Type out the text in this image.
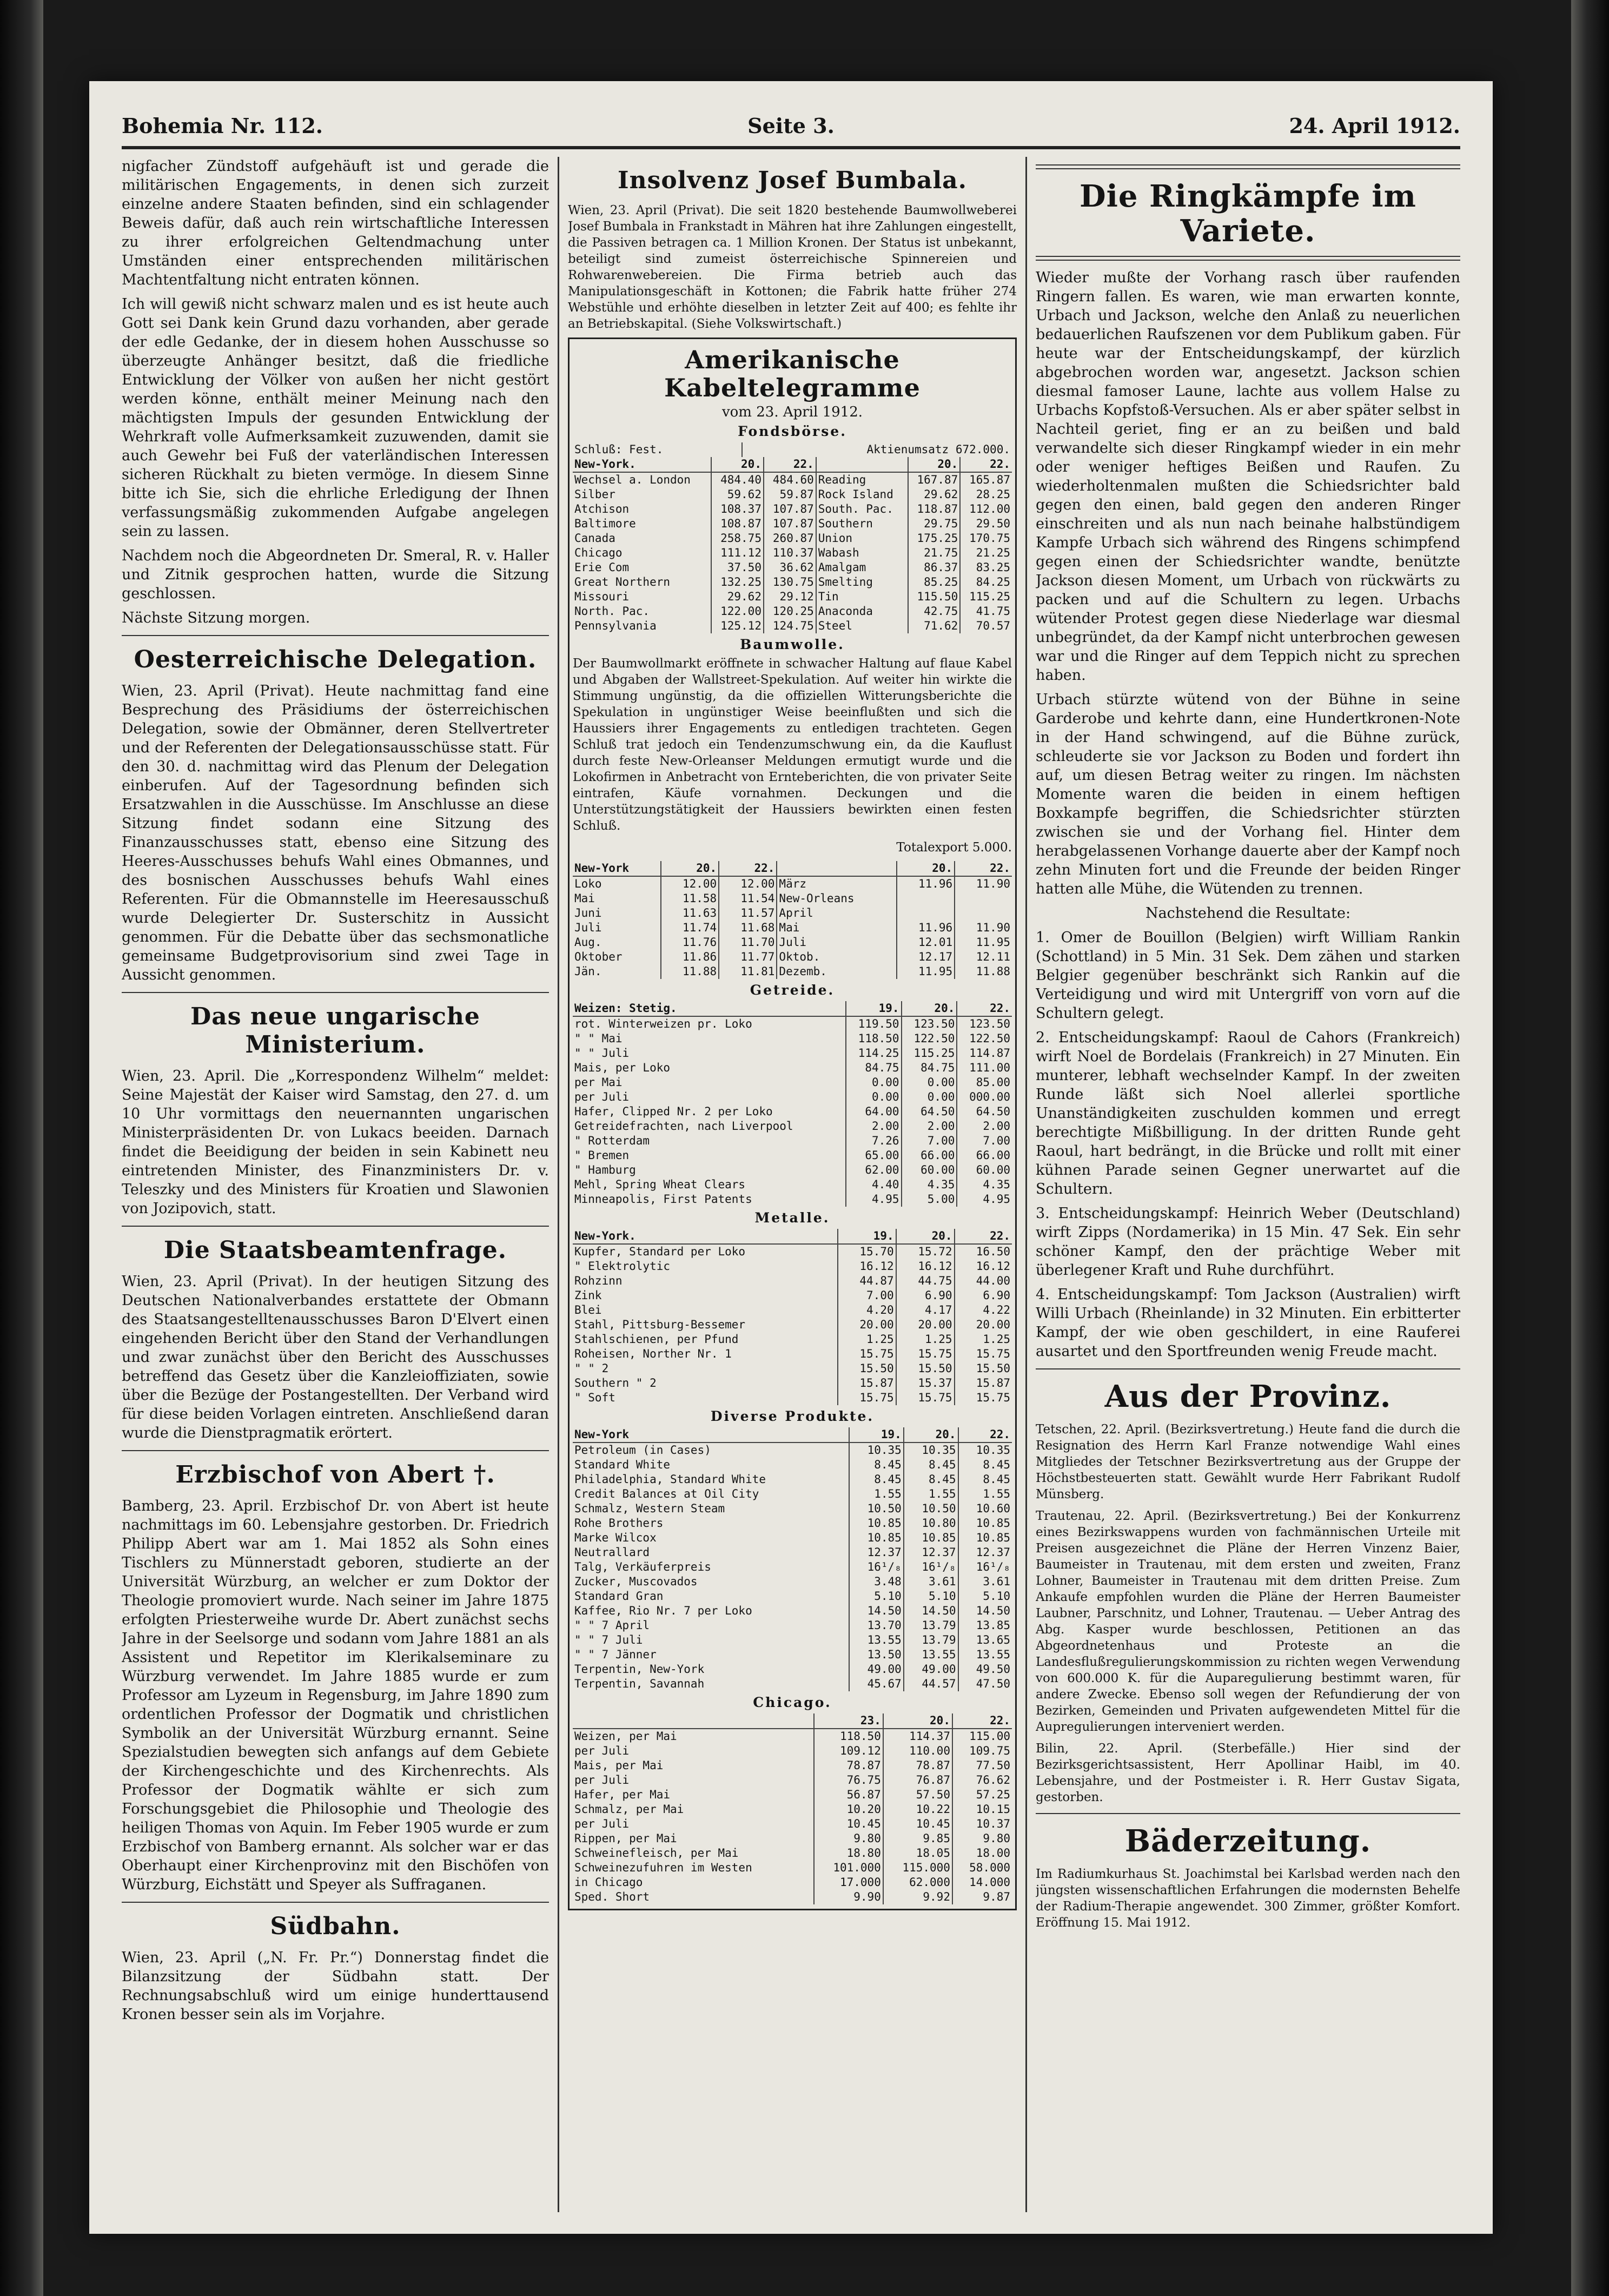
Bohemia Nr. 112.	Seite 3.	24. April 1912.

nigfacher Zündstoff aufgehäuft ist und gerade die militärischen Engagements, in denen sich zurzeit einzelne andere Staaten befinden, sind ein schlagender Beweis dafür, daß auch rein wirtschaftliche Interessen zu ihrer erfolgreichen Geltendmachung unter Umständen einer entsprechenden militärischen Machtentfaltung nicht entraten können.

Ich will gewiß nicht schwarz malen und es ist heute auch Gott sei Dank kein Grund dazu vorhanden, aber gerade der edle Gedanke, der in diesem hohen Ausschusse so überzeugte Anhänger besitzt, daß die friedliche Entwicklung der Völker von außen her nicht gestört werden könne, enthält meiner Meinung nach den mächtigsten Impuls der gesunden Entwicklung der Wehrkraft volle Aufmerksamkeit zuzuwenden, damit sie auch Gewehr bei Fuß der vaterländischen Interessen sicheren Rückhalt zu bieten vermöge. In diesem Sinne bitte ich Sie, sich die ehrliche Erledigung der Ihnen verfassungsmäßig zukommenden Aufgabe angelegen sein zu lassen.

Nachdem noch die Abgeordneten Dr. Smeral, R. v. Haller und Zitnik gesprochen hatten, wurde die Sitzung geschlossen.

Nächste Sitzung morgen.

Oesterreichische Delegation.

Wien, 23. April (Privat). Heute nachmittag fand eine Besprechung des Präsidiums der österreichischen Delegation, sowie der Obmänner, deren Stellvertreter und der Referenten der Delegationsausschüsse statt. Für den 30. d. nachmittag wird das Plenum der Delegation einberufen. Auf der Tagesordnung befinden sich Ersatzwahlen in die Ausschüsse. Im Anschlusse an diese Sitzung findet sodann eine Sitzung des Finanzausschusses statt, ebenso eine Sitzung des Heeres-Ausschusses behufs Wahl eines Obmannes, und des bosnischen Ausschusses behufs Wahl eines Referenten. Für die Obmannstelle im Heeresausschuß wurde Delegierter Dr. Susterschitz in Aussicht genommen. Für die Debatte über das sechsmonatliche gemeinsame Budgetprovisorium sind zwei Tage in Aussicht genommen.

Das neue ungarische Ministerium.

Wien, 23. April. Die „Korrespondenz Wilhelm“ meldet: Seine Majestät der Kaiser wird Samstag, den 27. d. um 10 Uhr vormittags den neuernannten ungarischen Ministerpräsidenten Dr. von Lukacs beeiden. Darnach findet die Beeidigung der beiden in sein Kabinett neu eintretenden Minister, des Finanzministers Dr. v. Teleszky und des Ministers für Kroatien und Slawonien von Jozipovich, statt.

Die Staatsbeamtenfrage.

Wien, 23. April (Privat). In der heutigen Sitzung des Deutschen Nationalverbandes erstattete der Obmann des Staatsangestelltenausschusses Baron D'Elvert einen eingehenden Bericht über den Stand der Verhandlungen und zwar zunächst über den Bericht des Ausschusses betreffend das Gesetz über die Kanzleioffiziaten, sowie über die Bezüge der Postangestellten. Der Verband wird für diese beiden Vorlagen eintreten. Anschließend daran wurde die Dienstpragmatik erörtert.

Erzbischof von Abert †.

Bamberg, 23. April. Erzbischof Dr. von Abert ist heute nachmittags im 60. Lebensjahre gestorben. Dr. Friedrich Philipp Abert war am 1. Mai 1852 als Sohn eines Tischlers zu Münnerstadt geboren, studierte an der Universität Würzburg, an welcher er zum Doktor der Theologie promoviert wurde. Nach seiner im Jahre 1875 erfolgten Priesterweihe wurde Dr. Abert zunächst sechs Jahre in der Seelsorge und sodann vom Jahre 1881 an als Assistent und Repetitor im Klerikalseminare zu Würzburg verwendet. Im Jahre 1885 wurde er zum Professor am Lyzeum in Regensburg, im Jahre 1890 zum ordentlichen Professor der Dogmatik und christlichen Symbolik an der Universität Würzburg ernannt. Seine Spezialstudien bewegten sich anfangs auf dem Gebiete der Kirchengeschichte und des Kirchenrechts. Als Professor der Dogmatik wählte er sich zum Forschungsgebiet die Philosophie und Theologie des heiligen Thomas von Aquin. Im Feber 1905 wurde er zum Erzbischof von Bamberg ernannt. Als solcher war er das Oberhaupt einer Kirchenprovinz mit den Bischöfen von Würzburg, Eichstätt und Speyer als Suffraganen.

Südbahn.

Wien, 23. April („N. Fr. Pr.“) Donnerstag findet die Bilanzsitzung der Südbahn statt. Der Rechnungsabschluß wird um einige hunderttausend Kronen besser sein als im Vorjahre.

Insolvenz Josef Bumbala.

Wien, 23. April (Privat). Die seit 1820 bestehende Baumwollweberei Josef Bumbala in Frankstadt in Mähren hat ihre Zahlungen eingestellt, die Passiven betragen ca. 1 Million Kronen. Der Status ist unbekannt, beteiligt sind zumeist österreichische Spinnereien und Rohwarenwebereien. Die Firma betrieb auch das Manipulationsgeschäft in Kottonen; die Fabrik hatte früher 274 Webstühle und erhöhte dieselben in letzter Zeit auf 400; es fehlte ihr an Betriebskapital. (Siehe Volkswirtschaft.)

Amerikanische Kabeltelegramme
vom 23. April 1912.
Fondsbörse.
Schluß: Fest.	Aktienumsatz 672.000.
New-York.	20.	22.		20.	22.
Wechsel a. London	484.40	484.60	Reading	167.87	165.87
Silber	59.62	59.87	Rock Island	29.62	28.25
Atchison	108.37	107.87	South. Pac.	118.87	112.00
Baltimore	108.87	107.87	Southern	29.75	29.50
Canada	258.75	260.87	Union	175.25	170.75
Chicago	111.12	110.37	Wabash	21.75	21.25
Erie Com	37.50	36.62	Amalgam	86.37	83.25
Great Northern	132.25	130.75	Smelting	85.25	84.25
Missouri	29.62	29.12	Tin	115.50	115.25
North. Pac.	122.00	120.25	Anaconda	42.75	41.75
Pennsylvania	125.12	124.75	Steel	71.62	70.57
Baumwolle.

Der Baumwollmarkt eröffnete in schwacher Haltung auf flaue Kabel und Abgaben der Wallstreet-Spekulation. Auf weiter hin wirkte die Stimmung ungünstig, da die offiziellen Witterungsberichte die Spekulation in ungünstiger Weise beeinflußten und sich die Haussiers ihrer Engagements zu entledigen trachteten. Gegen Schluß trat jedoch ein Tendenzumschwung ein, da die Kauflust durch feste New-Orleanser Meldungen ermutigt wurde und die Lokofirmen in Anbetracht von Ernteberichten, die von privater Seite eintrafen, Käufe vornahmen. Deckungen und die Unterstützungstätigkeit der Haussiers bewirkten einen festen Schluß.

Totalexport 5.000.

New-York	20.	22.		20.	22.
Loko	12.00	12.00	März	11.96	11.90
Mai	11.58	11.54	New-Orleans		
Juni	11.63	11.57	April		
Juli	11.74	11.68	Mai	11.96	11.90
Aug.	11.76	11.70	Juli	12.01	11.95
Oktober	11.86	11.77	Oktob.	12.17	12.11
Jän.	11.88	11.81	Dezemb.	11.95	11.88
Getreide.
Weizen: Stetig.	19.	20.	22.
rot. Winterweizen pr. Loko	119.50	123.50	123.50
" " Mai	118.50	122.50	122.50
" " Juli	114.25	115.25	114.87
Mais, per Loko	84.75	84.75	111.00
per Mai	0.00	0.00	85.00
per Juli	0.00	0.00	000.00
Hafer, Clipped Nr. 2 per Loko	64.00	64.50	64.50
Getreidefrachten, nach Liverpool	2.00	2.00	2.00
" Rotterdam	7.26	7.00	7.00
" Bremen	65.00	66.00	66.00
" Hamburg	62.00	60.00	60.00
Mehl, Spring Wheat Clears	4.40	4.35	4.35
Minneapolis, First Patents	4.95	5.00	4.95
Metalle.
New-York.	19.	20.	22.
Kupfer, Standard per Loko	15.70	15.72	16.50
" Elektrolytic	16.12	16.12	16.12
Rohzinn	44.87	44.75	44.00
Zink	7.00	6.90	6.90
Blei	4.20	4.17	4.22
Stahl, Pittsburg-Bessemer	20.00	20.00	20.00
Stahlschienen, per Pfund	1.25	1.25	1.25
Roheisen, Norther Nr. 1	15.75	15.75	15.75
" " 2	15.50	15.50	15.50
Southern " 2	15.87	15.37	15.87
" Soft	15.75	15.75	15.75
Diverse Produkte.
New-York	19.	20.	22.
Petroleum (in Cases)	10.35	10.35	10.35
Standard White	8.45	8.45	8.45
Philadelphia, Standard White	8.45	8.45	8.45
Credit Balances at Oil City	1.55	1.55	1.55
Schmalz, Western Steam	10.50	10.50	10.60
Rohe Brothers	10.85	10.80	10.85
Marke Wilcox	10.85	10.85	10.85
Neutrallard	12.37	12.37	12.37
Talg, Verkäuferpreis	16¹/₈	16¹/₈	16¹/₈
Zucker, Muscovados	3.48	3.61	3.61
Standard Gran	5.10	5.10	5.10
Kaffee, Rio Nr. 7 per Loko	14.50	14.50	14.50
" " 7 April	13.70	13.79	13.85
" " 7 Juli	13.55	13.79	13.65
" " 7 Jänner	13.50	13.55	13.55
Terpentin, New-York	49.00	49.00	49.50
Terpentin, Savannah	45.67	44.57	47.50
Chicago.
	23.	20.	22.
Weizen, per Mai	118.50	114.37	115.00
per Juli	109.12	110.00	109.75
Mais, per Mai	78.87	78.87	77.50
per Juli	76.75	76.87	76.62
Hafer, per Mai	56.87	57.50	57.25
Schmalz, per Mai	10.20	10.22	10.15
per Juli	10.45	10.45	10.37
Rippen, per Mai	9.80	9.85	9.80
Schweinefleisch, per Mai	18.80	18.05	18.00
Schweinezufuhren im Westen	101.000	115.000	58.000
in Chicago	17.000	62.000	14.000
Sped. Short	9.90	9.92	9.87
Die Ringkämpfe im Variete.

Wieder mußte der Vorhang rasch über raufenden Ringern fallen. Es waren, wie man erwarten konnte, Urbach und Jackson, welche den Anlaß zu neuerlichen bedauerlichen Raufszenen vor dem Publikum gaben. Für heute war der Entscheidungskampf, der kürzlich abgebrochen worden war, angesetzt. Jackson schien diesmal famoser Laune, lachte aus vollem Halse zu Urbachs Kopfstoß-Versuchen. Als er aber später selbst in Nachteil geriet, fing er an zu beißen und bald verwandelte sich dieser Ringkampf wieder in ein mehr oder weniger heftiges Beißen und Raufen. Zu wiederholtenmalen mußten die Schiedsrichter bald gegen den einen, bald gegen den anderen Ringer einschreiten und als nun nach beinahe halbstündigem Kampfe Urbach sich während des Ringens schimpfend gegen einen der Schiedsrichter wandte, benützte Jackson diesen Moment, um Urbach von rückwärts zu packen und auf die Schultern zu legen. Urbachs wütender Protest gegen diese Niederlage war diesmal unbegründet, da der Kampf nicht unterbrochen gewesen war und die Ringer auf dem Teppich nicht zu sprechen haben.

Urbach stürzte wütend von der Bühne in seine Garderobe und kehrte dann, eine Hundertkronen-Note in der Hand schwingend, auf die Bühne zurück, schleuderte sie vor Jackson zu Boden und fordert ihn auf, um diesen Betrag weiter zu ringen. Im nächsten Momente waren die beiden in einem heftigen Boxkampfe begriffen, die Schiedsrichter stürzten zwischen sie und der Vorhang fiel. Hinter dem herabgelassenen Vorhange dauerte aber der Kampf noch zehn Minuten fort und die Freunde der beiden Ringer hatten alle Mühe, die Wütenden zu trennen.

Nachstehend die Resultate:

1. Omer de Bouillon (Belgien) wirft William Rankin (Schottland) in 5 Min. 31 Sek. Dem zähen und starken Belgier gegenüber beschränkt sich Rankin auf die Verteidigung und wird mit Untergriff von vorn auf die Schultern gelegt.

2. Entscheidungskampf: Raoul de Cahors (Frankreich) wirft Noel de Bordelais (Frankreich) in 27 Minuten. Ein munterer, lebhaft wechselnder Kampf. In der zweiten Runde läßt sich Noel allerlei sportliche Unanständigkeiten zuschulden kommen und erregt berechtigte Mißbilligung. In der dritten Runde geht Raoul, hart bedrängt, in die Brücke und rollt mit einer kühnen Parade seinen Gegner unerwartet auf die Schultern.

3. Entscheidungskampf: Heinrich Weber (Deutschland) wirft Zipps (Nordamerika) in 15 Min. 47 Sek. Ein sehr schöner Kampf, den der prächtige Weber mit überlegener Kraft und Ruhe durchführt.

4. Entscheidungskampf: Tom Jackson (Australien) wirft Willi Urbach (Rheinlande) in 32 Minuten. Ein erbitterter Kampf, der wie oben geschildert, in eine Rauferei ausartet und den Sportfreunden wenig Freude macht.

Aus der Provinz.

Tetschen, 22. April. (Bezirksvertretung.) Heute fand die durch die Resignation des Herrn Karl Franze notwendige Wahl eines Mitgliedes der Tetschner Bezirksvertretung aus der Gruppe der Höchstbesteuerten statt. Gewählt wurde Herr Fabrikant Rudolf Münsberg.

Trautenau, 22. April. (Bezirksvertretung.) Bei der Konkurrenz eines Bezirkswappens wurden von fachmännischen Urteile mit Preisen ausgezeichnet die Pläne der Herren Vinzenz Baier, Baumeister in Trautenau, mit dem ersten und zweiten, Franz Lohner, Baumeister in Trautenau mit dem dritten Preise. Zum Ankaufe empfohlen wurden die Pläne der Herren Baumeister Laubner, Parschnitz, und Lohner, Trautenau. — Ueber Antrag des Abg. Kasper wurde beschlossen, Petitionen an das Abgeordnetenhaus und Proteste an die Landesflußregulierungskommission zu richten wegen Verwendung von 600.000 K. für die Auparegulierung bestimmt waren, für andere Zwecke. Ebenso soll wegen der Refundierung der von Bezirken, Gemeinden und Privaten aufgewendeten Mittel für die Aupregulierungen interveniert werden.

Bilin, 22. April. (Sterbefälle.) Hier sind der Bezirksgerichtsassistent, Herr Apollinar Haibl, im 40. Lebensjahre, und der Postmeister i. R. Herr Gustav Sigata, gestorben.

Bäderzeitung.

Im Radiumkurhaus St. Joachimstal bei Karlsbad werden nach den jüngsten wissenschaftlichen Erfahrungen die modernsten Behelfe der Radium-Therapie angewendet. 300 Zimmer, größter Komfort. Eröffnung 15. Mai 1912.
